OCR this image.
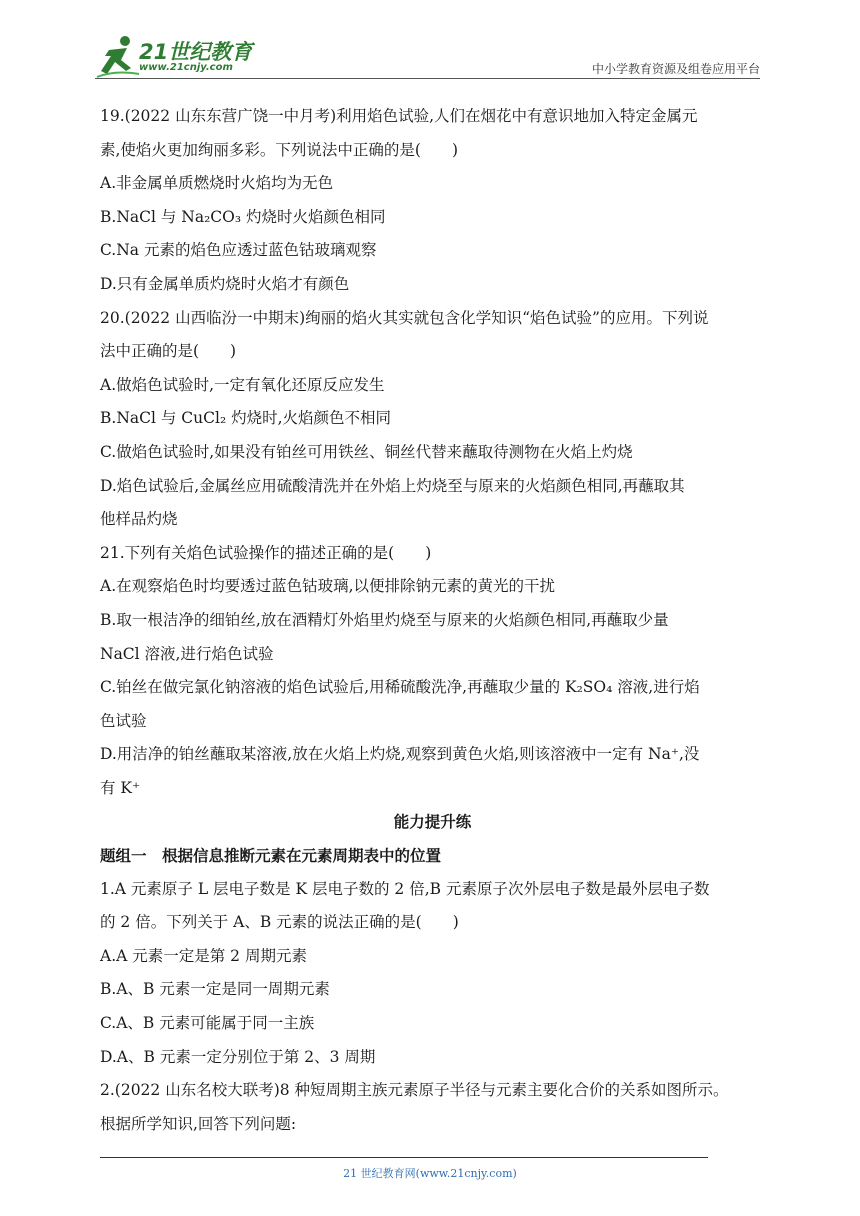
21世纪教育
www.21cnjy.com	中小学教育资源及组卷应用平台
19.(2022 山东东营广饶一中月考)利用焰色试验,人们在烟花中有意识地加入特定金属元
素,使焰火更加绚丽多彩。下列说法中正确的是(　　)
A.非金属单质燃烧时火焰均为无色
B.NaCl 与 Na₂CO₃ 灼烧时火焰颜色相同
C.Na 元素的焰色应透过蓝色钴玻璃观察
D.只有金属单质灼烧时火焰才有颜色
20.(2022 山西临汾一中期末)绚丽的焰火其实就包含化学知识“焰色试验”的应用。下列说
法中正确的是(　　)
A.做焰色试验时,一定有氧化还原反应发生
B.NaCl 与 CuCl₂ 灼烧时,火焰颜色不相同
C.做焰色试验时,如果没有铂丝可用铁丝、铜丝代替来蘸取待测物在火焰上灼烧
D.焰色试验后,金属丝应用硫酸清洗并在外焰上灼烧至与原来的火焰颜色相同,再蘸取其
他样品灼烧
21.下列有关焰色试验操作的描述正确的是(　　)
A.在观察焰色时均要透过蓝色钴玻璃,以便排除钠元素的黄光的干扰
B.取一根洁净的细铂丝,放在酒精灯外焰里灼烧至与原来的火焰颜色相同,再蘸取少量
NaCl 溶液,进行焰色试验
C.铂丝在做完氯化钠溶液的焰色试验后,用稀硫酸洗净,再蘸取少量的 K₂SO₄ 溶液,进行焰
色试验
D.用洁净的铂丝蘸取某溶液,放在火焰上灼烧,观察到黄色火焰,则该溶液中一定有 Na⁺,没
有 K⁺
能力提升练
题组一　根据信息推断元素在元素周期表中的位置
1.A 元素原子 L 层电子数是 K 层电子数的 2 倍,B 元素原子次外层电子数是最外层电子数
的 2 倍。下列关于 A、B 元素的说法正确的是(　　)
A.A 元素一定是第 2 周期元素
B.A、B 元素一定是同一周期元素
C.A、B 元素可能属于同一主族
D.A、B 元素一定分别位于第 2、3 周期
2.(2022 山东名校大联考)8 种短周期主族元素原子半径与元素主要化合价的关系如图所示。
根据所学知识,回答下列问题:
21 世纪教育网(www.21cnjy.com)
